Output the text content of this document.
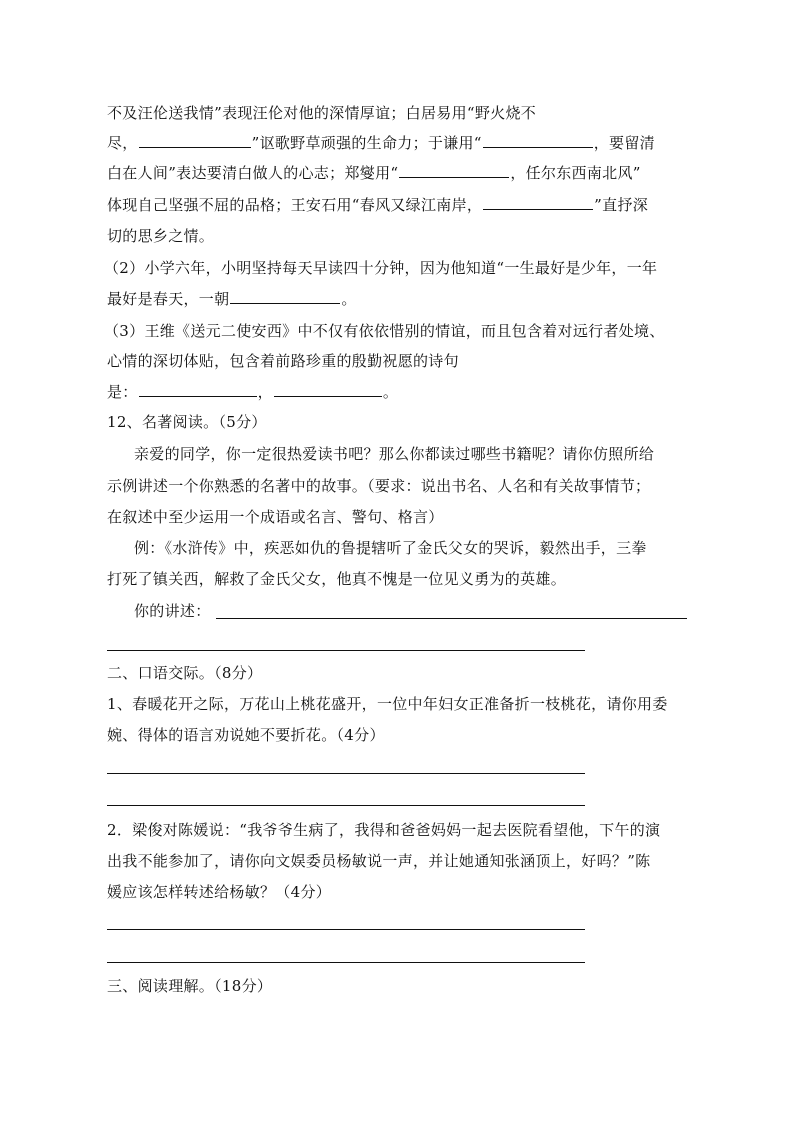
不及汪伦送我情”表现汪伦对他的深情厚谊；白居易用“野火烧不
尽，	”讴歌野草顽强的生命力；于谦用“	，要留清
白在人间”表达要清白做人的心志；郑燮用“	，任尔东西南北风”
体现自己坚强不屈的品格；王安石用“春风又绿江南岸，	”直抒深
切的思乡之情。
（2）小学六年，小明坚持每天早读四十分钟，因为他知道“一生最好是少年，一年
最好是春天，一朝	。
（3）王维《送元二使安西》中不仅有依依惜别的情谊，而且包含着对远行者处境、
心情的深切体贴，包含着前路珍重的殷勤祝愿的诗句
是：	，	。
12、名著阅读。（5分）
亲爱的同学，你一定很热爱读书吧？那么你都读过哪些书籍呢？请你仿照所给
示例讲述一个你熟悉的名著中的故事。（要求：说出书名、人名和有关故事情节；
在叙述中至少运用一个成语或名言、警句、格言）
例：《水浒传》中，疾恶如仇的鲁提辖听了金氏父女的哭诉，毅然出手，三拳
打死了镇关西，解救了金氏父女，他真不愧是一位见义勇为的英雄。
你的讲述：
二、口语交际。（8分）
1、春暖花开之际，万花山上桃花盛开，一位中年妇女正准备折一枝桃花，请你用委
婉、得体的语言劝说她不要折花。（4分）
2．梁俊对陈媛说：“我爷爷生病了，我得和爸爸妈妈一起去医院看望他，下午的演
出我不能参加了，请你向文娱委员杨敏说一声，并让她通知张涵顶上，好吗？”陈
媛应该怎样转述给杨敏？（4分）
三、阅读理解。（18分）
